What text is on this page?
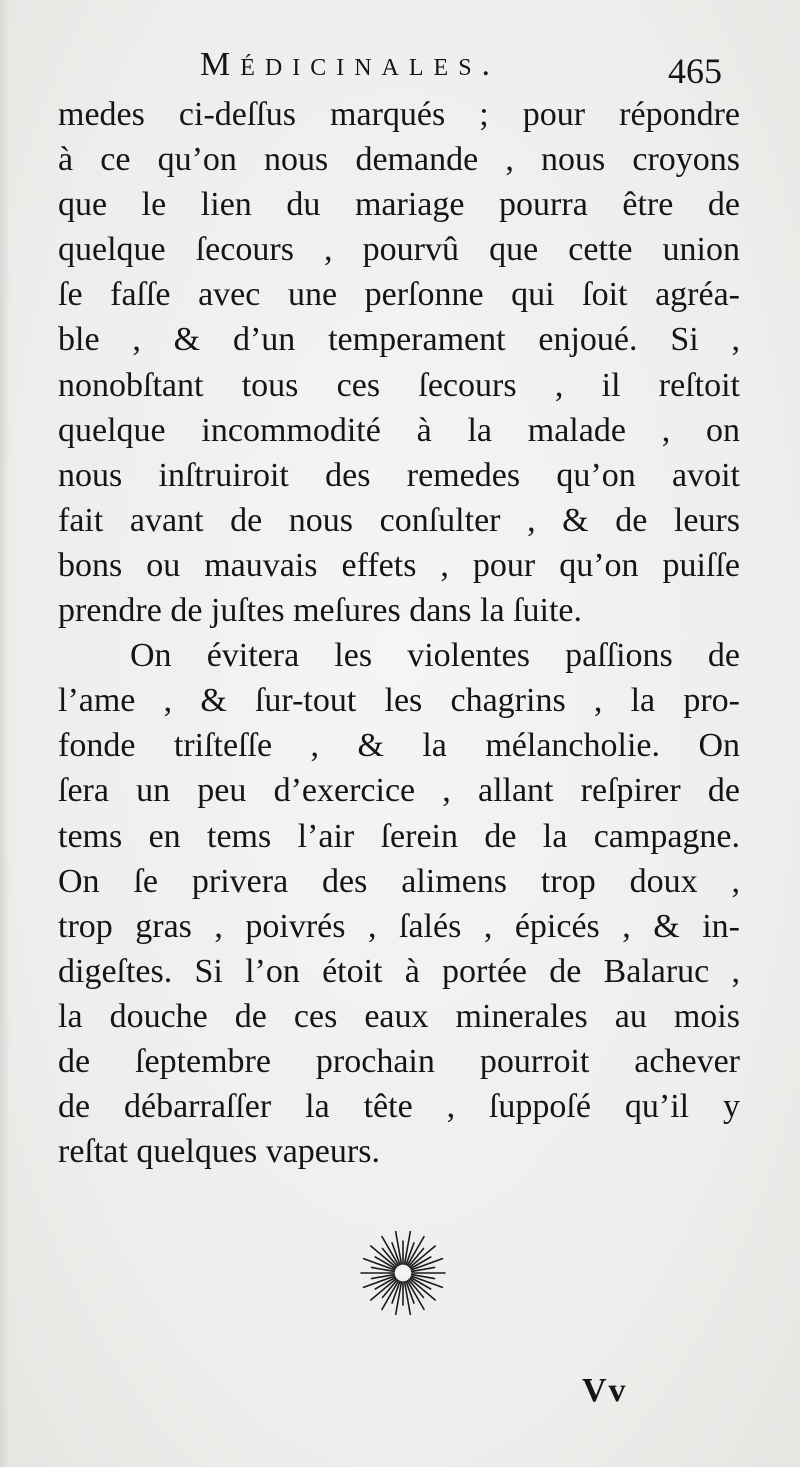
Médicinales.	465
medes ci-deſſus marqués ; pour répondre
à ce qu’on nous demande , nous croyons
que le lien du mariage pourra être de
quelque ſecours , pourvû que cette union
ſe faſſe avec une perſonne qui ſoit agréa-
ble , & d’un temperament enjoué. Si ,
nonobſtant tous ces ſecours , il reſtoit
quelque incommodité à la malade , on
nous inſtruiroit des remedes qu’on avoit
fait avant de nous conſulter , & de leurs
bons ou mauvais effets , pour qu’on puiſſe
prendre de juſtes meſures dans la ſuite.
On évitera les violentes paſſions de
l’ame , & ſur-tout les chagrins , la pro-
fonde triſteſſe , & la mélancholie. On
ſera un peu d’exercice , allant reſpirer de
tems en tems l’air ſerein de la campagne.
On ſe privera des alimens trop doux ,
trop gras , poivrés , ſalés , épicés , & in-
digeſtes. Si l’on étoit à portée de Balaruc ,
la douche de ces eaux minerales au mois
de ſeptembre prochain pourroit achever
de débarraſſer la tête , ſuppoſé qu’il y
reſtat quelques vapeurs.
Vv
